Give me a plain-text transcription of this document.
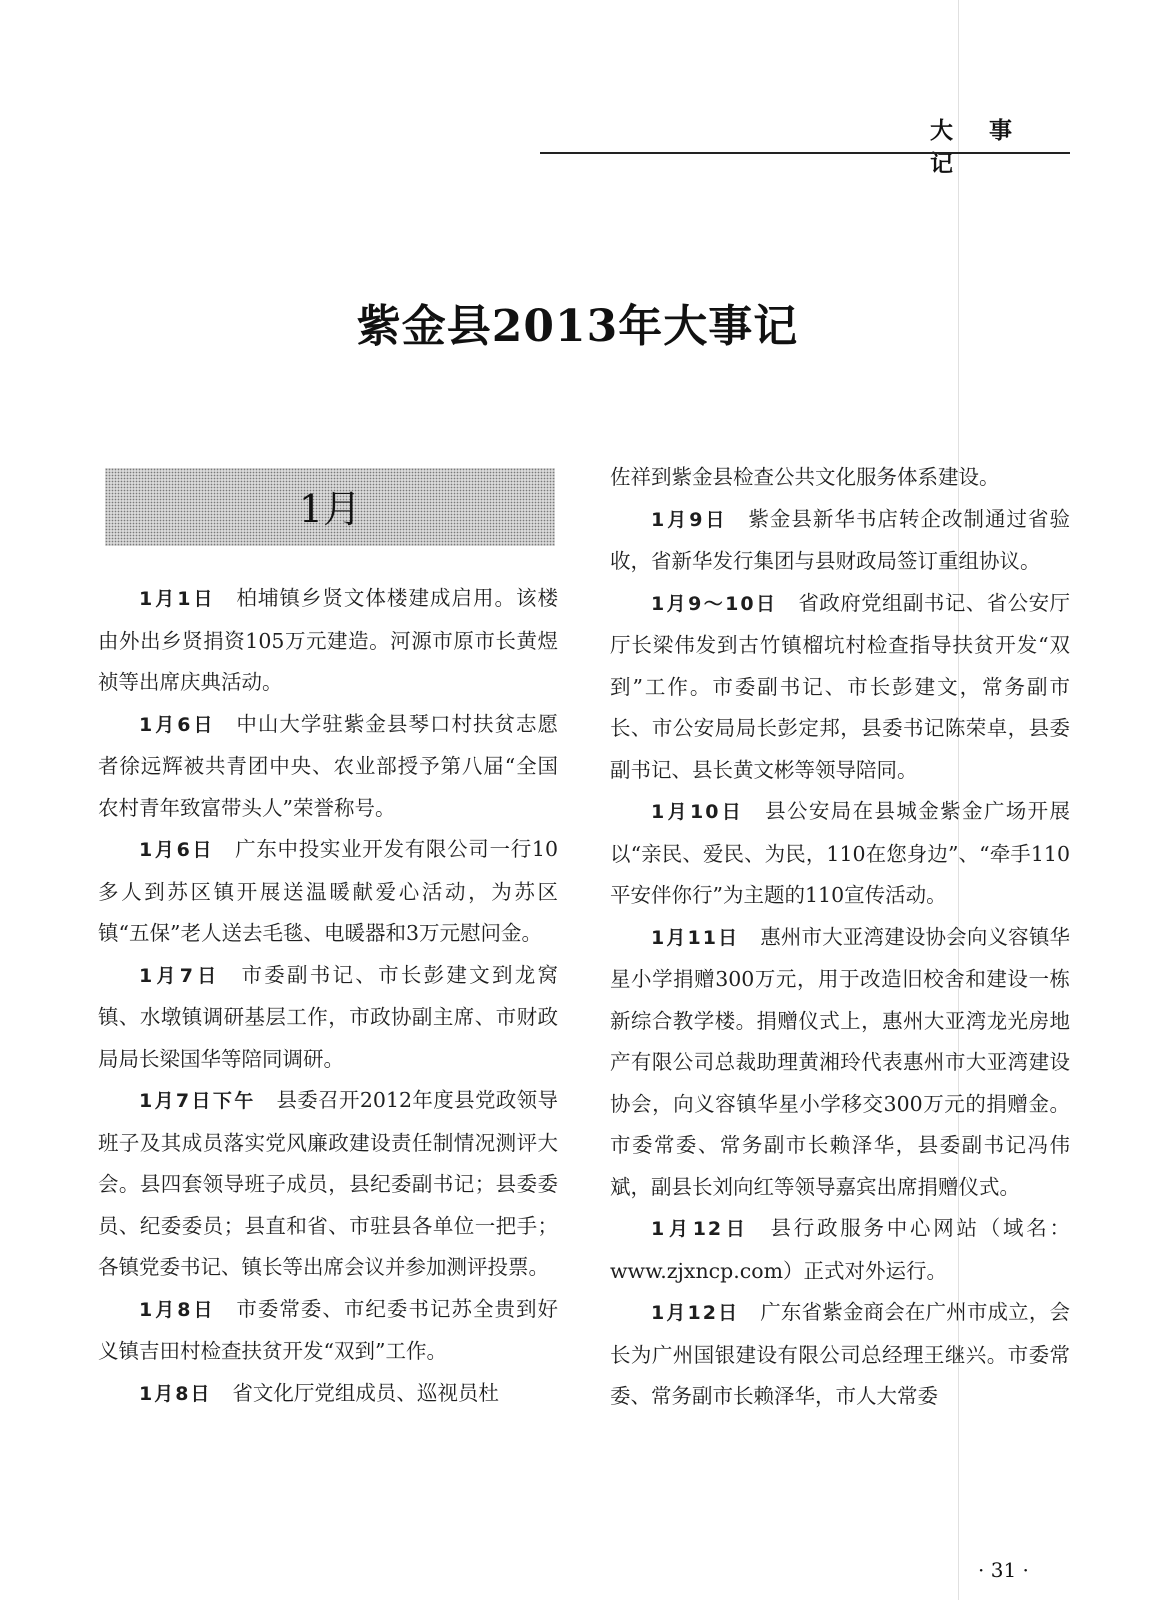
大 事 记
紫金县2013年大事记
1月

1月1日 柏埔镇乡贤文体楼建成启用。该楼由外出乡贤捐资105万元建造。河源市原市长黄煜祯等出席庆典活动。

1月6日 中山大学驻紫金县琴口村扶贫志愿者徐远辉被共青团中央、农业部授予第八届“全国农村青年致富带头人”荣誉称号。

1月6日 广东中投实业开发有限公司一行10多人到苏区镇开展送温暖献爱心活动，为苏区镇“五保”老人送去毛毯、电暖器和3万元慰问金。

1月7日 市委副书记、市长彭建文到龙窝镇、水墩镇调研基层工作，市政协副主席、市财政局局长梁国华等陪同调研。

1月7日下午 县委召开2012年度县党政领导班子及其成员落实党风廉政建设责任制情况测评大会。县四套领导班子成员，县纪委副书记；县委委员、纪委委员；县直和省、市驻县各单位一把手；各镇党委书记、镇长等出席会议并参加测评投票。

1月8日 市委常委、市纪委书记苏全贵到好义镇吉田村检查扶贫开发“双到”工作。

1月8日 省文化厅党组成员、巡视员杜

佐祥到紫金县检查公共文化服务体系建设。

1月9日 紫金县新华书店转企改制通过省验收，省新华发行集团与县财政局签订重组协议。

1月9～10日 省政府党组副书记、省公安厅厅长梁伟发到古竹镇榴坑村检查指导扶贫开发“双到”工作。市委副书记、市长彭建文，常务副市长、市公安局局长彭定邦，县委书记陈荣卓，县委副书记、县长黄文彬等领导陪同。

1月10日 县公安局在县城金紫金广场开展以“亲民、爱民、为民，110在您身边”、“牵手110平安伴你行”为主题的110宣传活动。

1月11日 惠州市大亚湾建设协会向义容镇华星小学捐赠300万元，用于改造旧校舍和建设一栋新综合教学楼。捐赠仪式上，惠州大亚湾龙光房地产有限公司总裁助理黄湘玲代表惠州市大亚湾建设协会，向义容镇华星小学移交300万元的捐赠金。市委常委、常务副市长赖泽华，县委副书记冯伟斌，副县长刘向红等领导嘉宾出席捐赠仪式。

1月12日 县行政服务中心网站（域名：www.zjxncp.com）正式对外运行。

1月12日 广东省紫金商会在广州市成立，会长为广州国银建设有限公司总经理王继兴。市委常委、常务副市长赖泽华，市人大常委

· 31 ·
